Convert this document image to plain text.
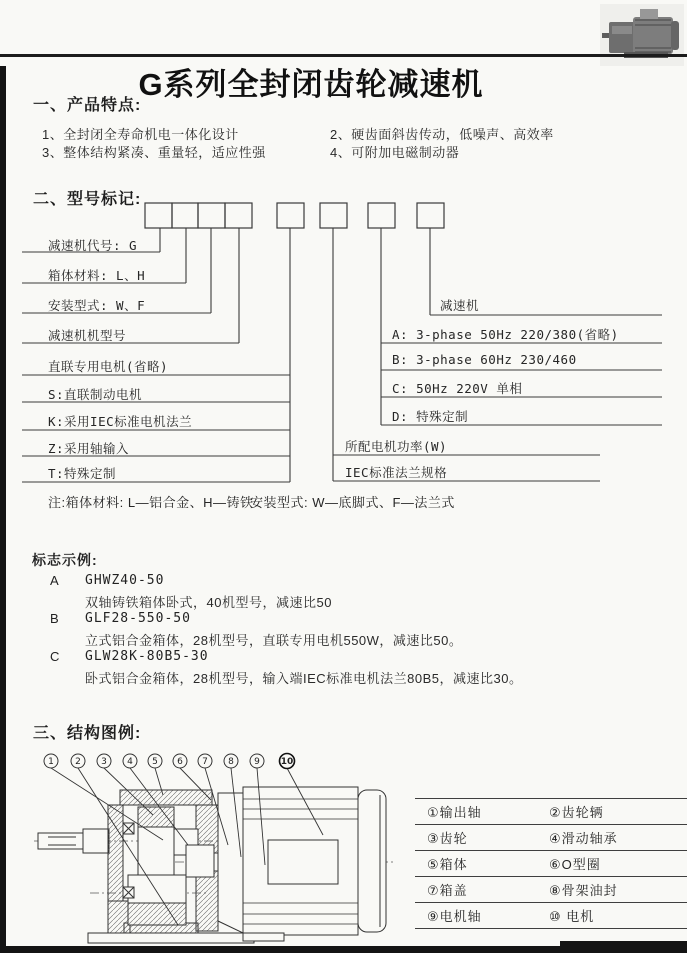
G系列全封闭齿轮减速机
一、产品特点:
1、全封闭全寿命机电一体化设计	2、硬齿面斜齿传动，低噪声、高效率
3、整体结构紧凑、重量轻，适应性强	4、可附加电磁制动器
二、型号标记:
减速机代号: G
箱体材料: L、H
安装型式: W、F
减速机机型号
直联专用电机(省略)
S:直联制动电机
K:采用IEC标准电机法兰
Z:采用轴输入
T:特殊定制
减速机
A: 3-phase 50Hz 220/380(省略)
B: 3-phase 60Hz 230/460
C: 50Hz 220V 单相
D: 特殊定制
所配电机功率(W)
IEC标准法兰规格
注:箱体材料: L—铝合金、H—铸铁
安装型式: W—底脚式、F—法兰式
标志示例:
A GHWZ40-50
双轴铸铁箱体卧式，40机型号，减速比50
B GLF28-550-50
立式铝合金箱体，28机型号，直联专用电机550W，减速比50。
C GLW28K-80B5-30
卧式铝合金箱体，28机型号，输入端IEC标准电机法兰80B5，减速比30。
三、结构图例:
1 2 3 4 5 6 7 8 9 10
①输出轴	②齿轮辆
③齿轮	④滑动轴承
⑤箱体	⑥O型圈
⑦箱盖	⑧骨架油封
⑨电机轴	⑩ 电机
